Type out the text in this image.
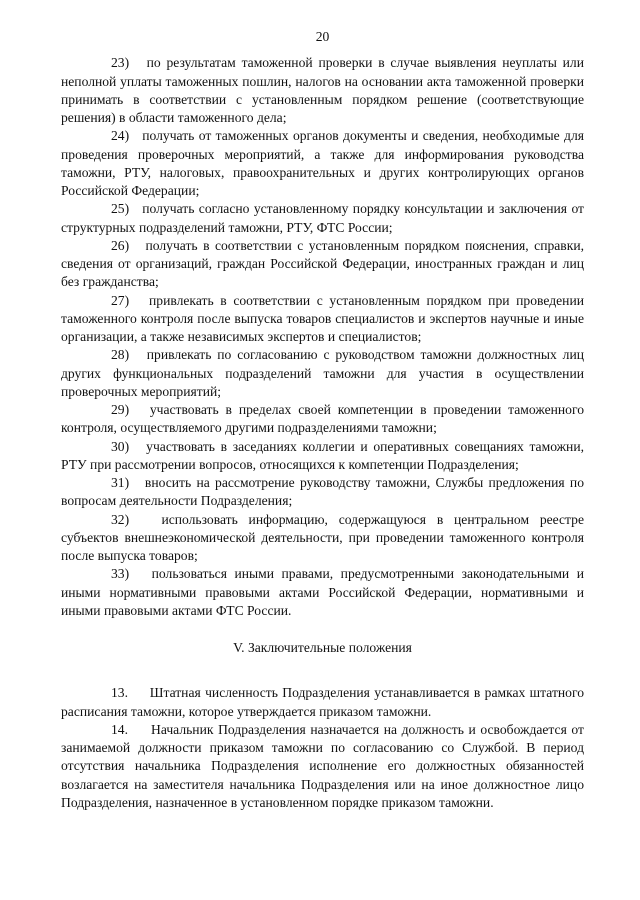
20

23)   по результатам таможенной проверки в случае выявления неуплаты или неполной уплаты таможенных пошлин, налогов на основании акта таможенной проверки принимать в соответствии с установленным порядком решение (соответствующие решения) в области таможенного дела;

24)   получать от таможенных органов документы и сведения, необходимые для проведения проверочных мероприятий, а также для информирования руководства таможни, РТУ, налоговых, правоохранительных и других контролирующих органов Российской Федерации;

25)   получать согласно установленному порядку консультации и заключения от структурных подразделений таможни, РТУ, ФТС России;

26)   получать в соответствии с установленным порядком пояснения, справки, сведения от организаций, граждан Российской Федерации, иностранных граждан и лиц без гражданства;

27)   привлекать в соответствии с установленным порядком при проведении таможенного контроля после выпуска товаров специалистов и экспертов научные и иные организации, а также независимых экспертов и специалистов;

28)   привлекать по согласованию с руководством таможни должностных лиц других функциональных подразделений таможни для участия в осуществлении проверочных мероприятий;

29)   участвовать в пределах своей компетенции в проведении таможенного контроля, осуществляемого другими подразделениями таможни;

30)   участвовать в заседаниях коллегии и оперативных совещаниях таможни, РТУ при рассмотрении вопросов, относящихся к компетенции Подразделения;

31)   вносить на рассмотрение руководству таможни, Службы предложения по вопросам деятельности Подразделения;

32)   использовать информацию, содержащуюся в центральном реестре субъектов внешнеэкономической деятельности, при проведении таможенного контроля после выпуска товаров;

33)   пользоваться иными правами, предусмотренными законодательными и иными нормативными правовыми актами Российской Федерации, нормативными и иными правовыми актами ФТС России.

V. Заключительные положения

13.     Штатная численность Подразделения устанавливается в рамках штатного расписания таможни, которое утверждается приказом таможни.

14.     Начальник Подразделения назначается на должность и освобождается от занимаемой должности приказом таможни по согласованию со Службой. В период отсутствия начальника Подразделения исполнение его должностных обязанностей возлагается на заместителя начальника Подразделения или на иное должностное лицо Подразделения, назначенное в установленном порядке приказом таможни.
